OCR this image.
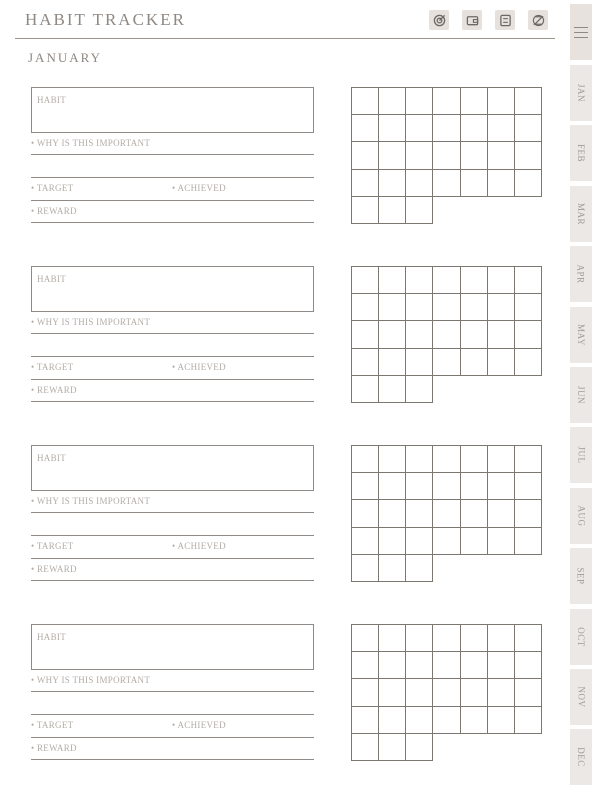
HABIT TRACKER
JANUARY
HABIT
• WHY IS THIS IMPORTANT
• TARGET	• ACHIEVED
• REWARD
HABIT
• WHY IS THIS IMPORTANT
• TARGET	• ACHIEVED
• REWARD
HABIT
• WHY IS THIS IMPORTANT
• TARGET	• ACHIEVED
• REWARD
HABIT
• WHY IS THIS IMPORTANT
• TARGET	• ACHIEVED
• REWARD
JAN
FEB
MAR
APR
MAY
JUN
JUL
AUG
SEP
OCT
NOV
DEC
